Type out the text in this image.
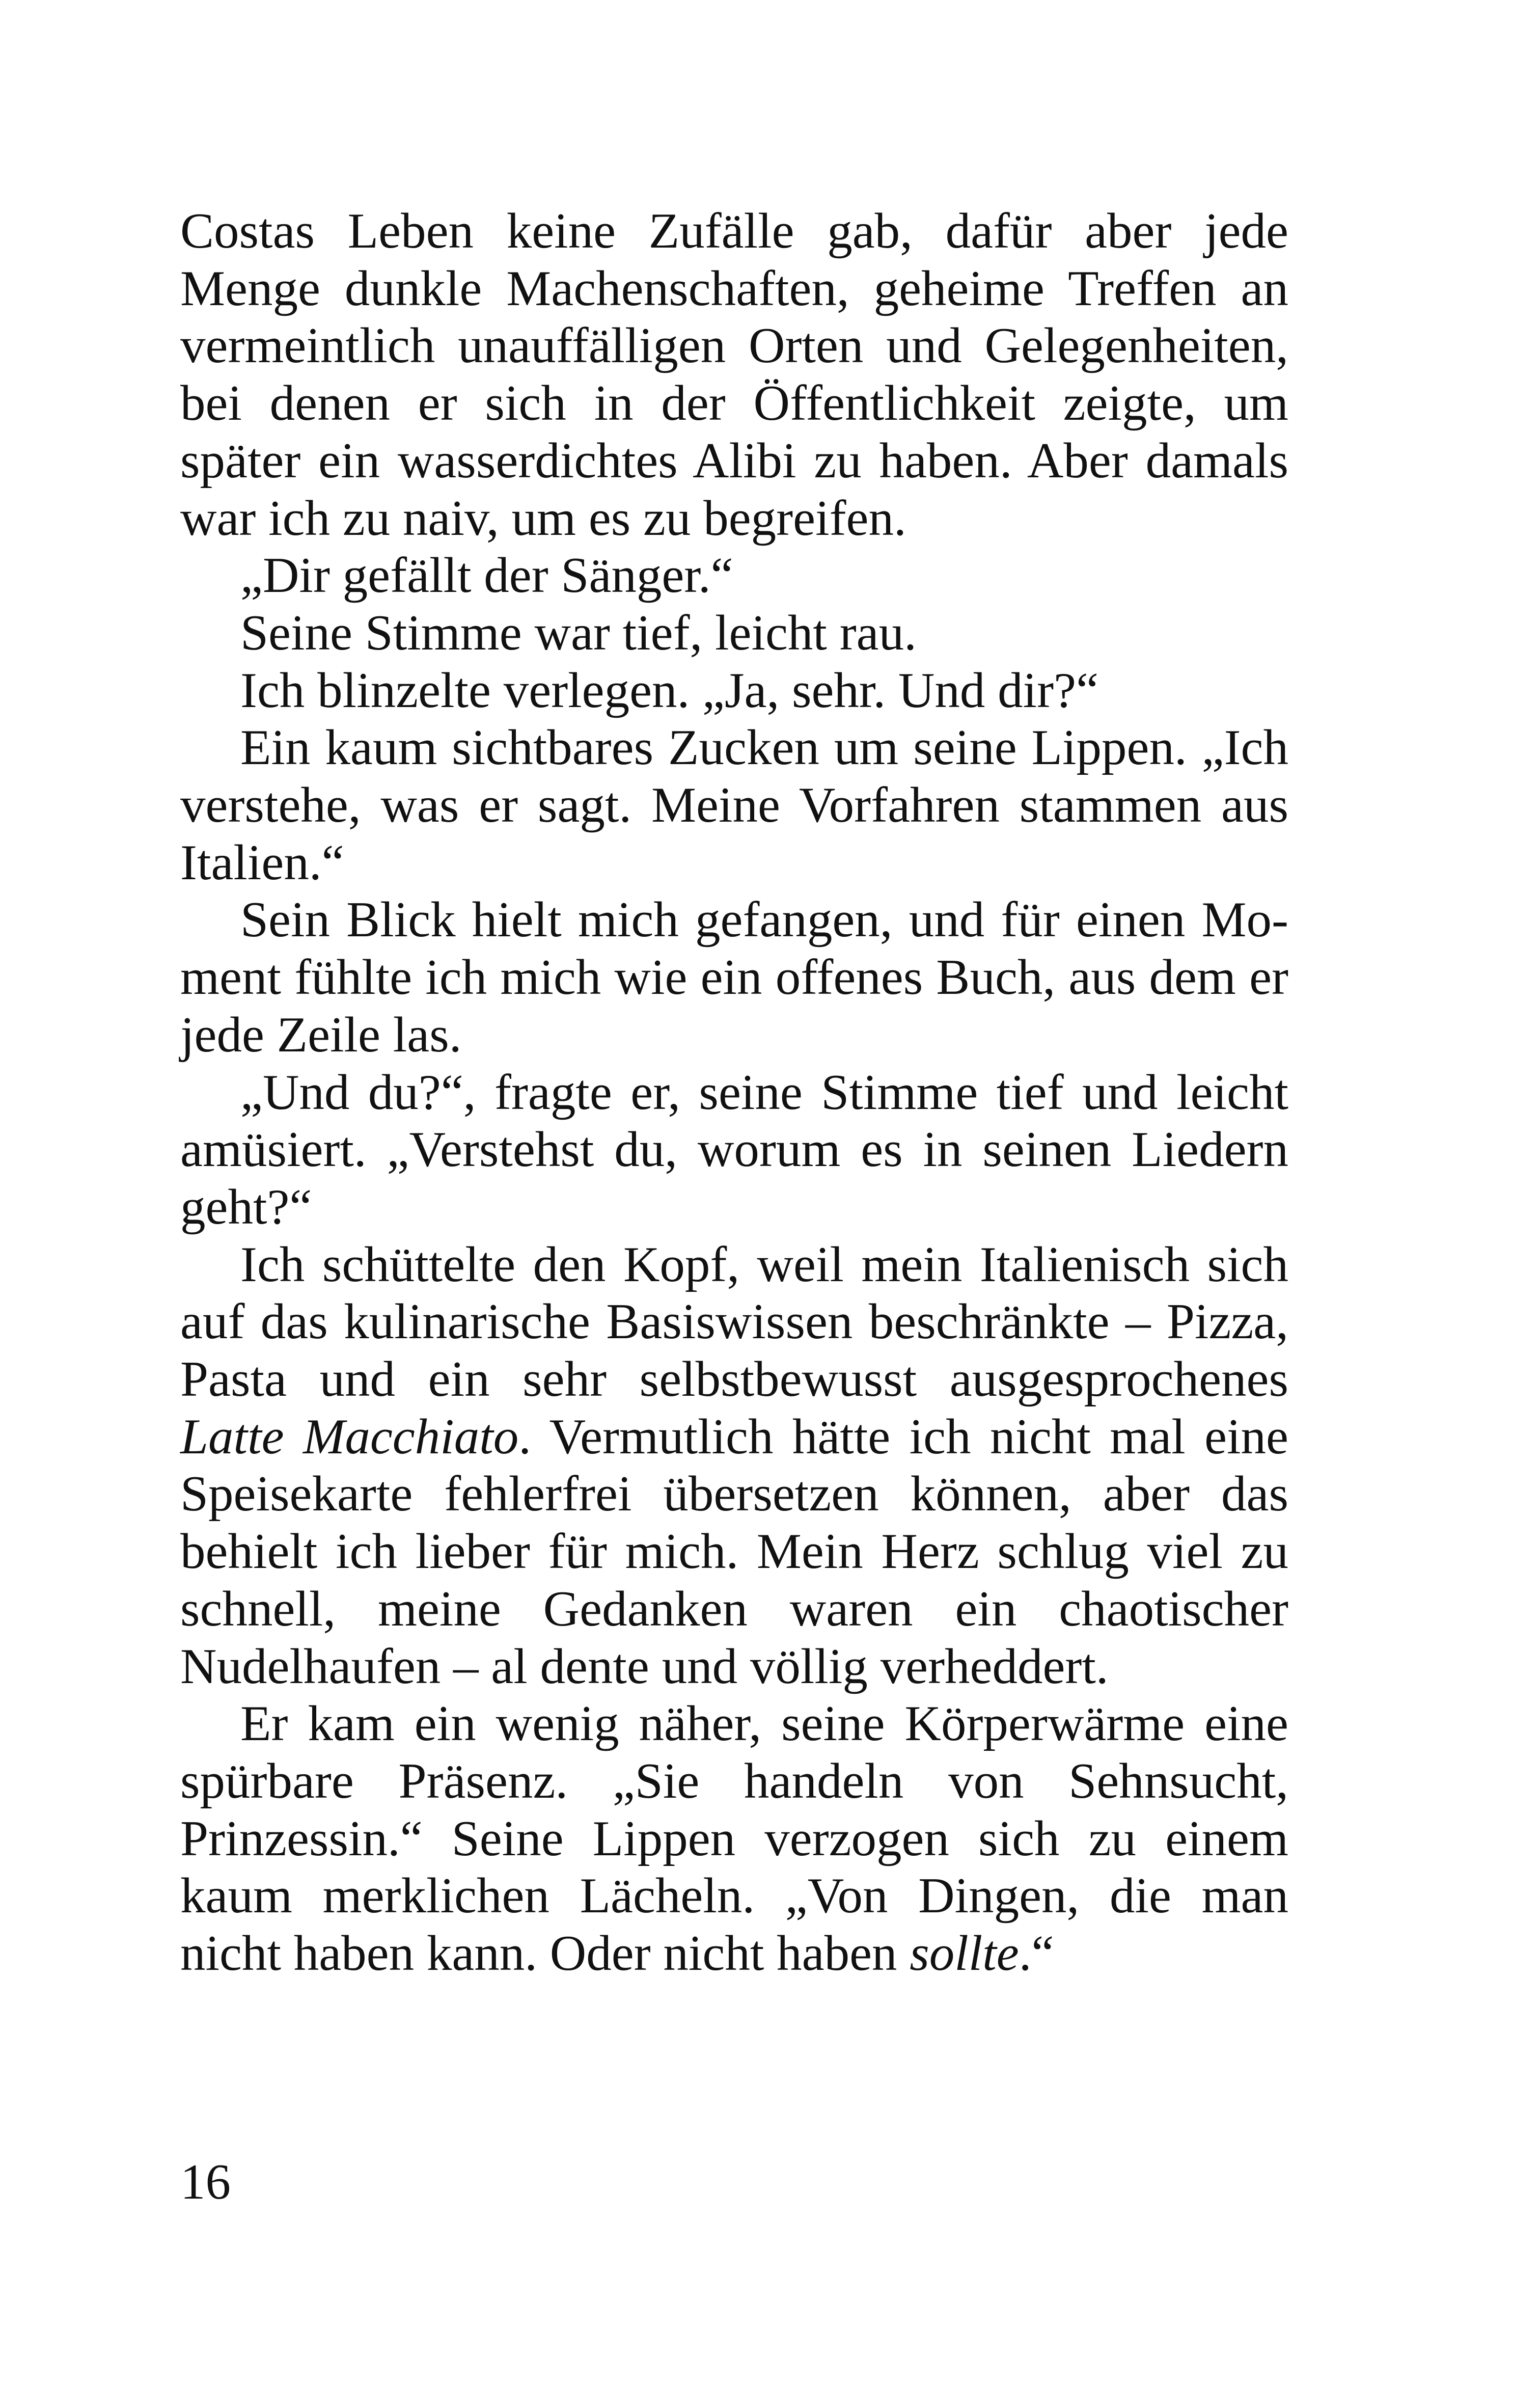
Costas Leben keine Zufälle gab, dafür aber jede Menge dunkle Machenschaften, geheime Treffen an vermeintlich unauffälligen Orten und Gelegenheiten, bei denen er sich in der Öffentlichkeit zeigte, um später ein wasserdichtes Alibi zu haben. Aber damals war ich zu naiv, um es zu begreifen.

„Dir gefällt der Sänger.“

Seine Stimme war tief, leicht rau.

Ich blinzelte verlegen. „Ja, sehr. Und dir?“

Ein kaum sichtbares Zucken um seine Lippen. „Ich verstehe, was er sagt. Meine Vorfahren stammen aus Italien.“

Sein Blick hielt mich gefangen, und für einen Moment fühlte ich mich wie ein offenes Buch, aus dem er jede Zeile las.

„Und du?“, fragte er, seine Stimme tief und leicht amüsiert. „Verstehst du, worum es in seinen Liedern geht?“

Ich schüttelte den Kopf, weil mein Italienisch sich auf das kulinarische Basiswissen beschränkte – Pizza, Pasta und ein sehr selbstbewusst ausgesprochenes Latte Macchiato. Vermutlich hätte ich nicht mal eine Speisekarte fehlerfrei übersetzen können, aber das behielt ich lieber für mich. Mein Herz schlug viel zu schnell, meine Gedanken waren ein chaotischer Nudelhaufen – al dente und völlig verheddert.

Er kam ein wenig näher, seine Körperwärme eine spürbare Präsenz. „Sie handeln von Sehnsucht, Prinzessin.“ Seine Lippen verzogen sich zu einem kaum merklichen Lächeln. „Von Dingen, die man nicht haben kann. Oder nicht haben sollte.“

16
